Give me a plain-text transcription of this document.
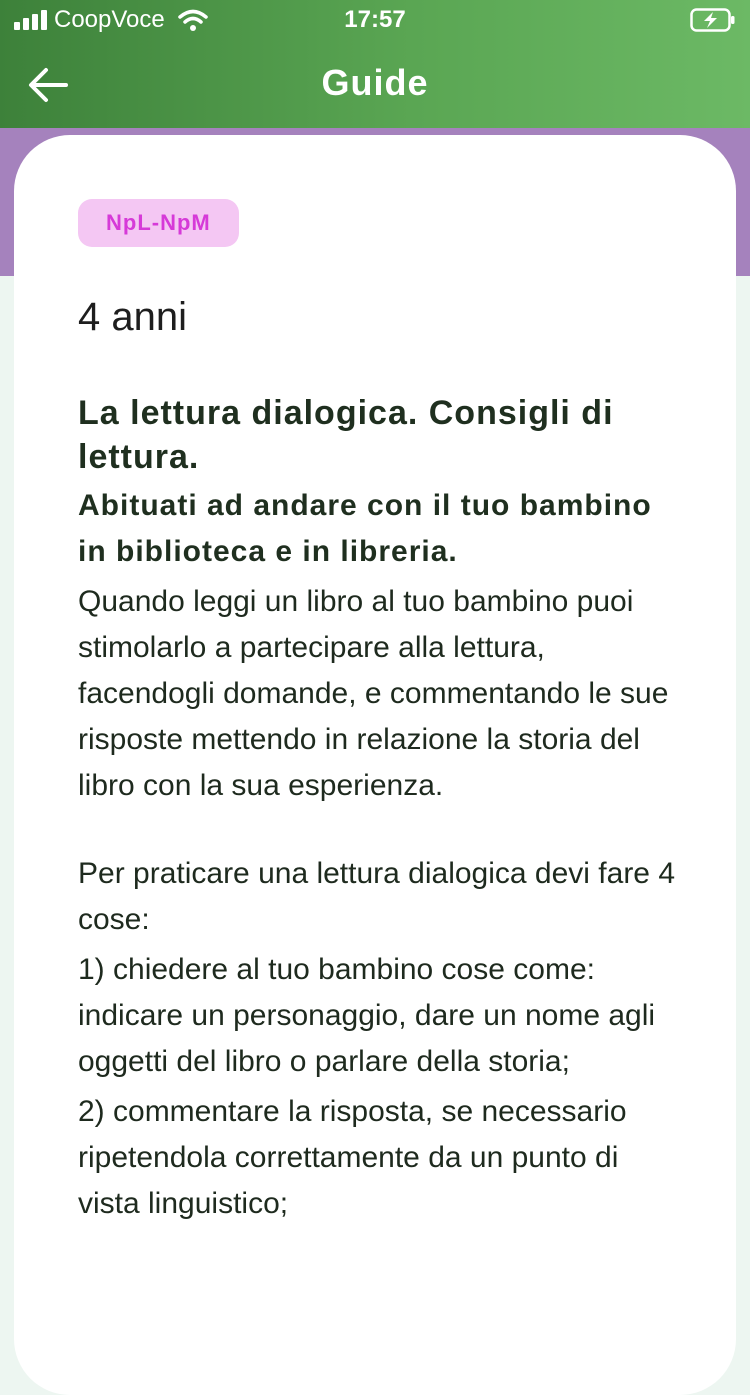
CoopVoce	17:57
Guide
NpL-NpM
4 anni
La lettura dialogica. Consigli di lettura.
Abituati ad andare con il tuo bambino in biblioteca e in libreria.
Quando leggi un libro al tuo bambino puoi stimolarlo a partecipare alla lettura, facendogli domande, e commentando le sue risposte mettendo in relazione la storia del libro con la sua esperienza.
Per praticare una lettura dialogica devi fare 4 cose:
1) chiedere al tuo bambino cose come: indicare un personaggio, dare un nome agli oggetti del libro o parlare della storia;
2) commentare la risposta, se necessario ripetendola correttamente da un punto di vista linguistico;
